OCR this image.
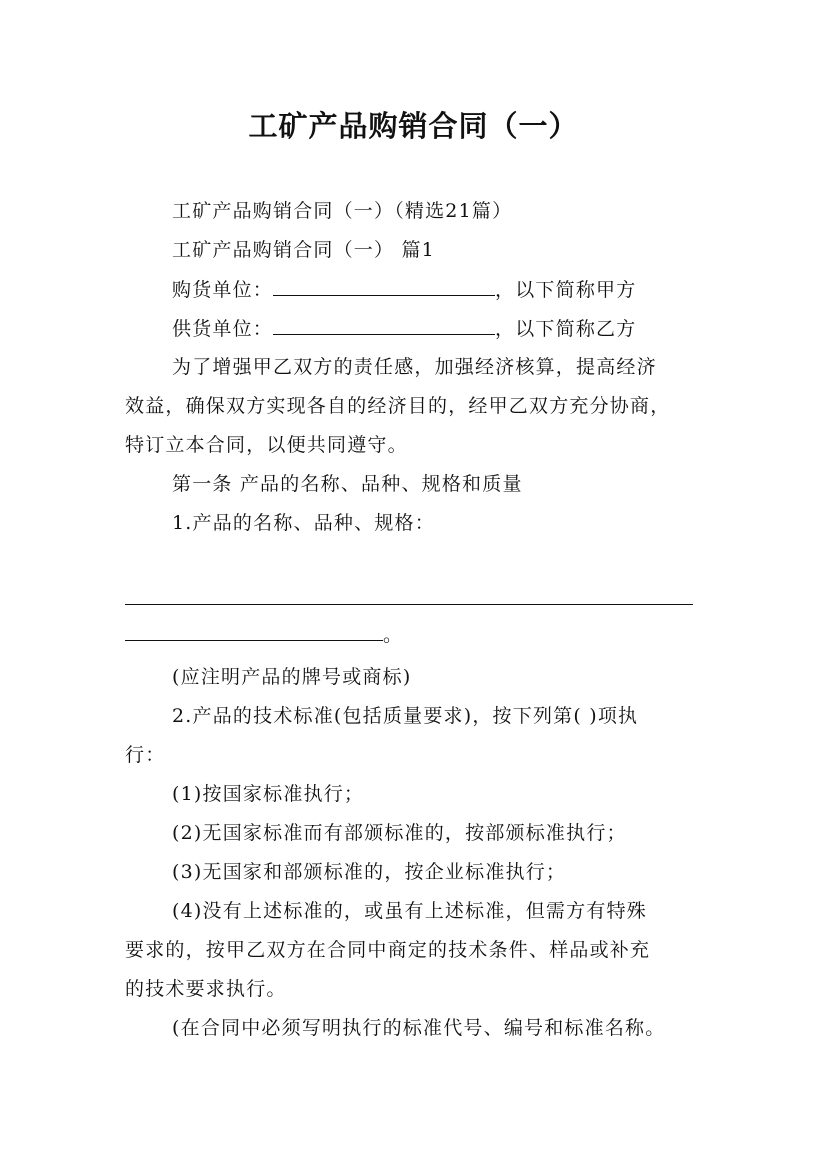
工矿产品购销合同（一）
工矿产品购销合同（一）（精选21篇）
工矿产品购销合同（一） 篇1
购货单位：	，以下简称甲方
供货单位：	，以下简称乙方
为了增强甲乙双方的责任感，加强经济核算，提高经济
效益，确保双方实现各自的经济目的，经甲乙双方充分协商，
特订立本合同，以便共同遵守。
第一条 产品的名称、品种、规格和质量
1.产品的名称、品种、规格：
。
(应注明产品的牌号或商标)
2.产品的技术标准(包括质量要求)，按下列第( )项执
行：
(1)按国家标准执行；
(2)无国家标准而有部颁标准的，按部颁标准执行；
(3)无国家和部颁标准的，按企业标准执行；
(4)没有上述标准的，或虽有上述标准，但需方有特殊
要求的，按甲乙双方在合同中商定的技术条件、样品或补充
的技术要求执行。
(在合同中必须写明执行的标准代号、编号和标准名称。
